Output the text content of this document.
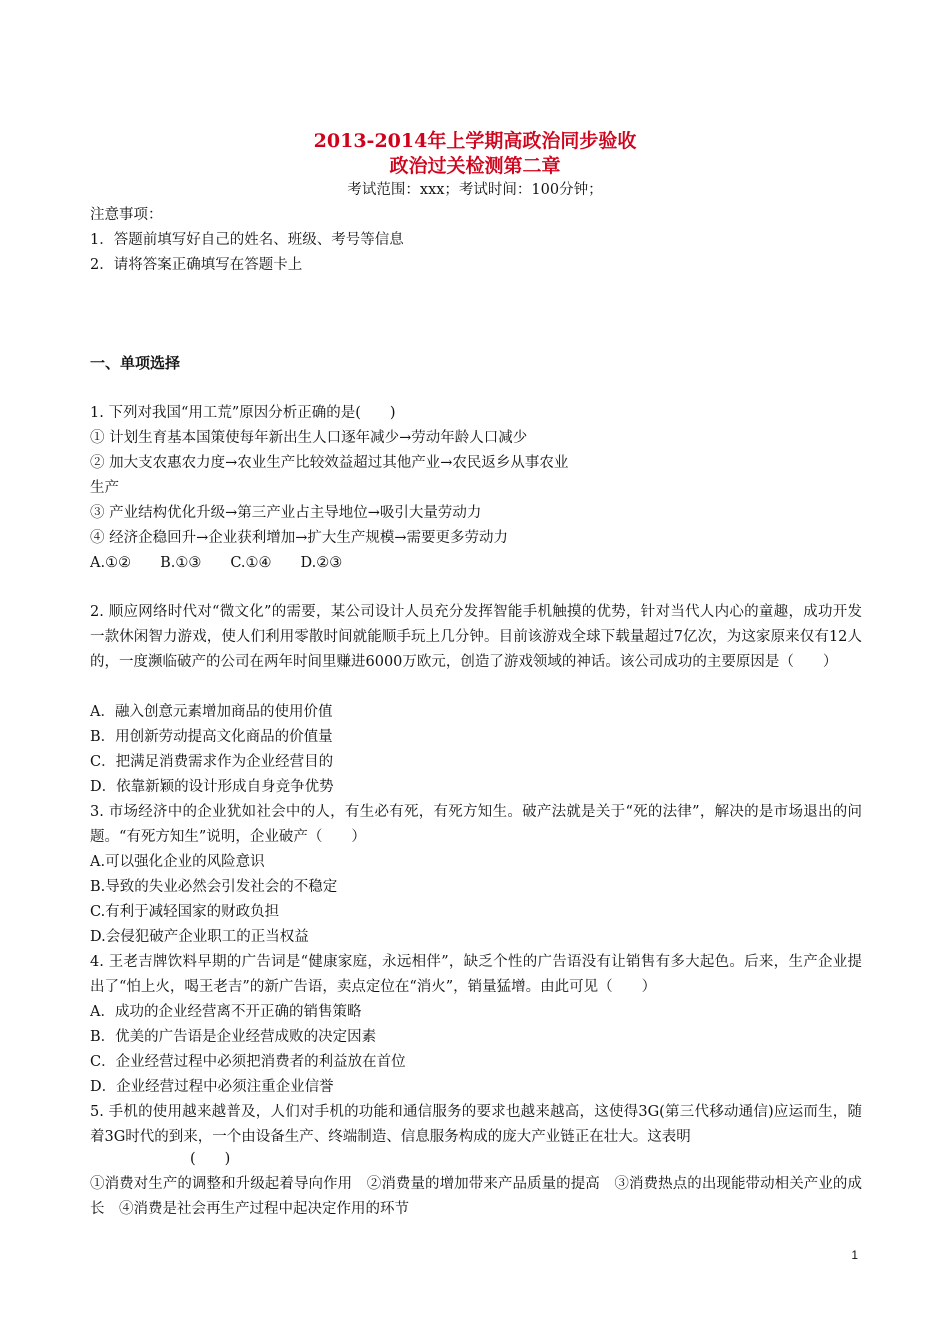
2013-2014年上学期高政治同步验收
政治过关检测第二章
考试范围：xxx；考试时间：100分钟；
注意事项：
1．答题前填写好自己的姓名、班级、考号等信息
2．请将答案正确填写在答题卡上
一、单项选择
1. 下列对我国“用工荒”原因分析正确的是(　　)
① 计划生育基本国策使每年新出生人口逐年减少→劳动年龄人口减少
② 加大支农惠农力度→农业生产比较效益超过其他产业→农民返乡从事农业
生产
③ 产业结构优化升级→第三产业占主导地位→吸引大量劳动力
④ 经济企稳回升→企业获利增加→扩大生产规模→需要更多劳动力
A.①②　　B.①③　　C.①④　　D.②③
2. 顺应网络时代对“微文化”的需要，某公司设计人员充分发挥智能手机触摸的优势，针对当代人内心的童趣，成功开发一款休闲智力游戏，使人们利用零散时间就能顺手玩上几分钟。目前该游戏全球下载量超过7亿次，为这家原来仅有12人的，一度濒临破产的公司在两年时间里赚进6000万欧元，创造了游戏领域的神话。该公司成功的主要原因是（　　）
A．融入创意元素增加商品的使用价值
B．用创新劳动提高文化商品的价值量
C．把满足消费需求作为企业经营目的
D．依靠新颖的设计形成自身竞争优势
3. 市场经济中的企业犹如社会中的人，有生必有死，有死方知生。破产法就是关于“死的法律”，解决的是市场退出的问题。“有死方知生”说明，企业破产（　　）
A.可以强化企业的风险意识
B.导致的失业必然会引发社会的不稳定
C.有利于减轻国家的财政负担
D.会侵犯破产企业职工的正当权益
4. 王老吉牌饮料早期的广告词是“健康家庭，永远相伴”，缺乏个性的广告语没有让销售有多大起色。后来，生产企业提出了“怕上火，喝王老吉”的新广告语，卖点定位在“消火”，销量猛增。由此可见（　　）
A．成功的企业经营离不开正确的销售策略
B．优美的广告语是企业经营成败的决定因素
C．企业经营过程中必须把消费者的利益放在首位
D．企业经营过程中必须注重企业信誉
5. 手机的使用越来越普及，人们对手机的功能和通信服务的要求也越来越高，这使得3G(第三代移动通信)应运而生，随着3G时代的到来，一个由设备生产、终端制造、信息服务构成的庞大产业链正在壮大。这表明
(　　)
①消费对生产的调整和升级起着导向作用　②消费量的增加带来产品质量的提高　③消费热点的出现能带动相关产业的成长　④消费是社会再生产过程中起决定作用的环节
1
